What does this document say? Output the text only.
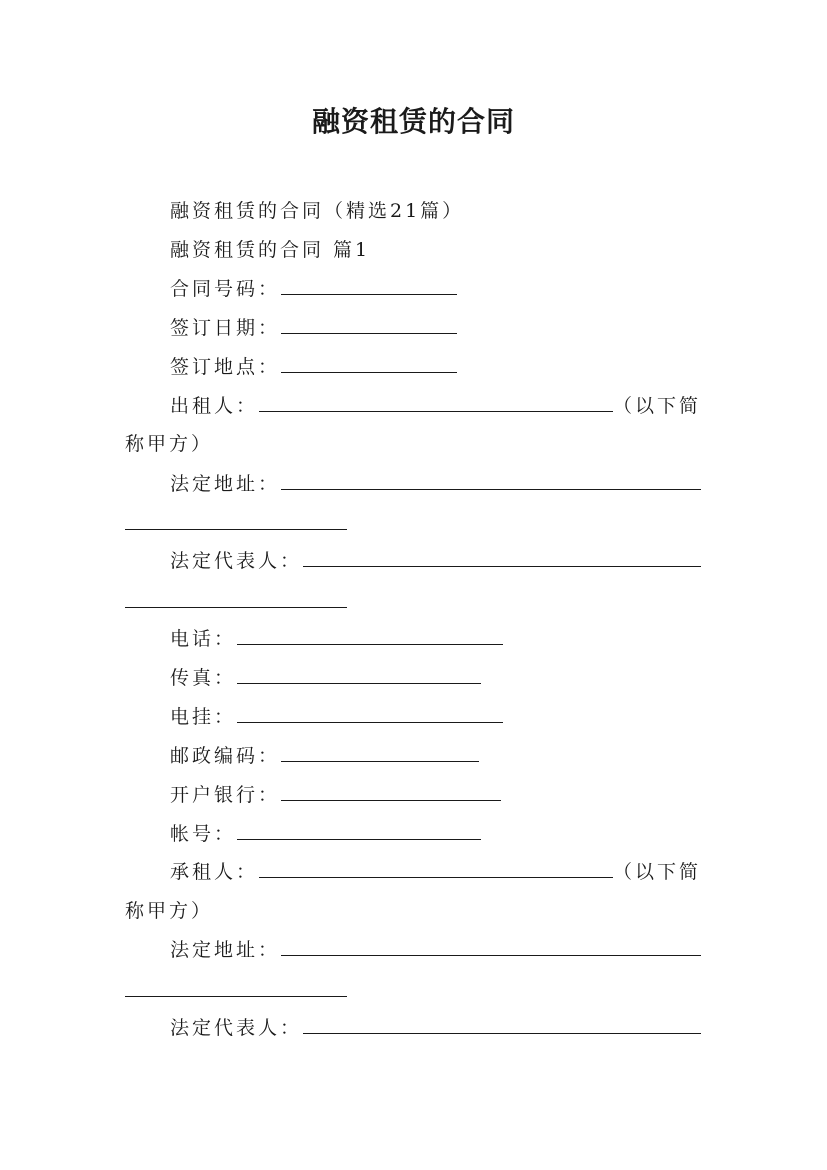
融资租赁的合同
融资租赁的合同（精选21篇）
融资租赁的合同 篇1
合同号码：
签订日期：
签订地点：
出租人：	（以下简
称甲方）
法定地址：
法定代表人：
电话：
传真：
电挂：
邮政编码：
开户银行：
帐号：
承租人：	（以下简
称甲方）
法定地址：
法定代表人：
